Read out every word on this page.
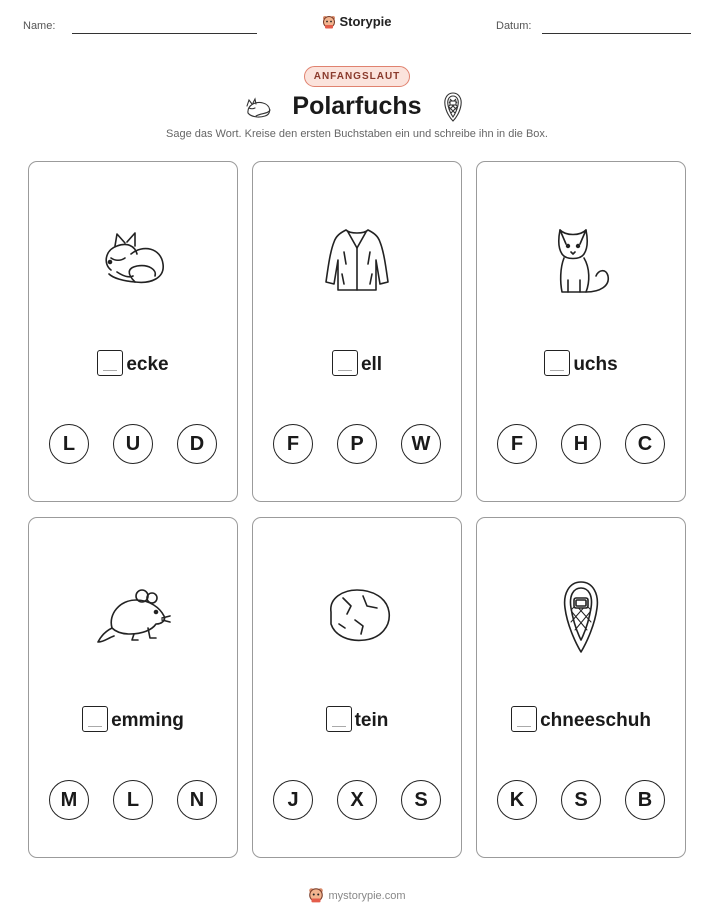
Name:	Storypie	Datum:
ANFANGSLAUT
Polarfuchs
Sage das Wort. Kreise den ersten Buchstaben ein und schreibe ihn in die Box.
ecke
L	U	D
ell
F	P	W
uchs
F	H	C
emming
M	L	N
tein
J	X	S
chneeschuh
K	S	B
mystorypie.com
